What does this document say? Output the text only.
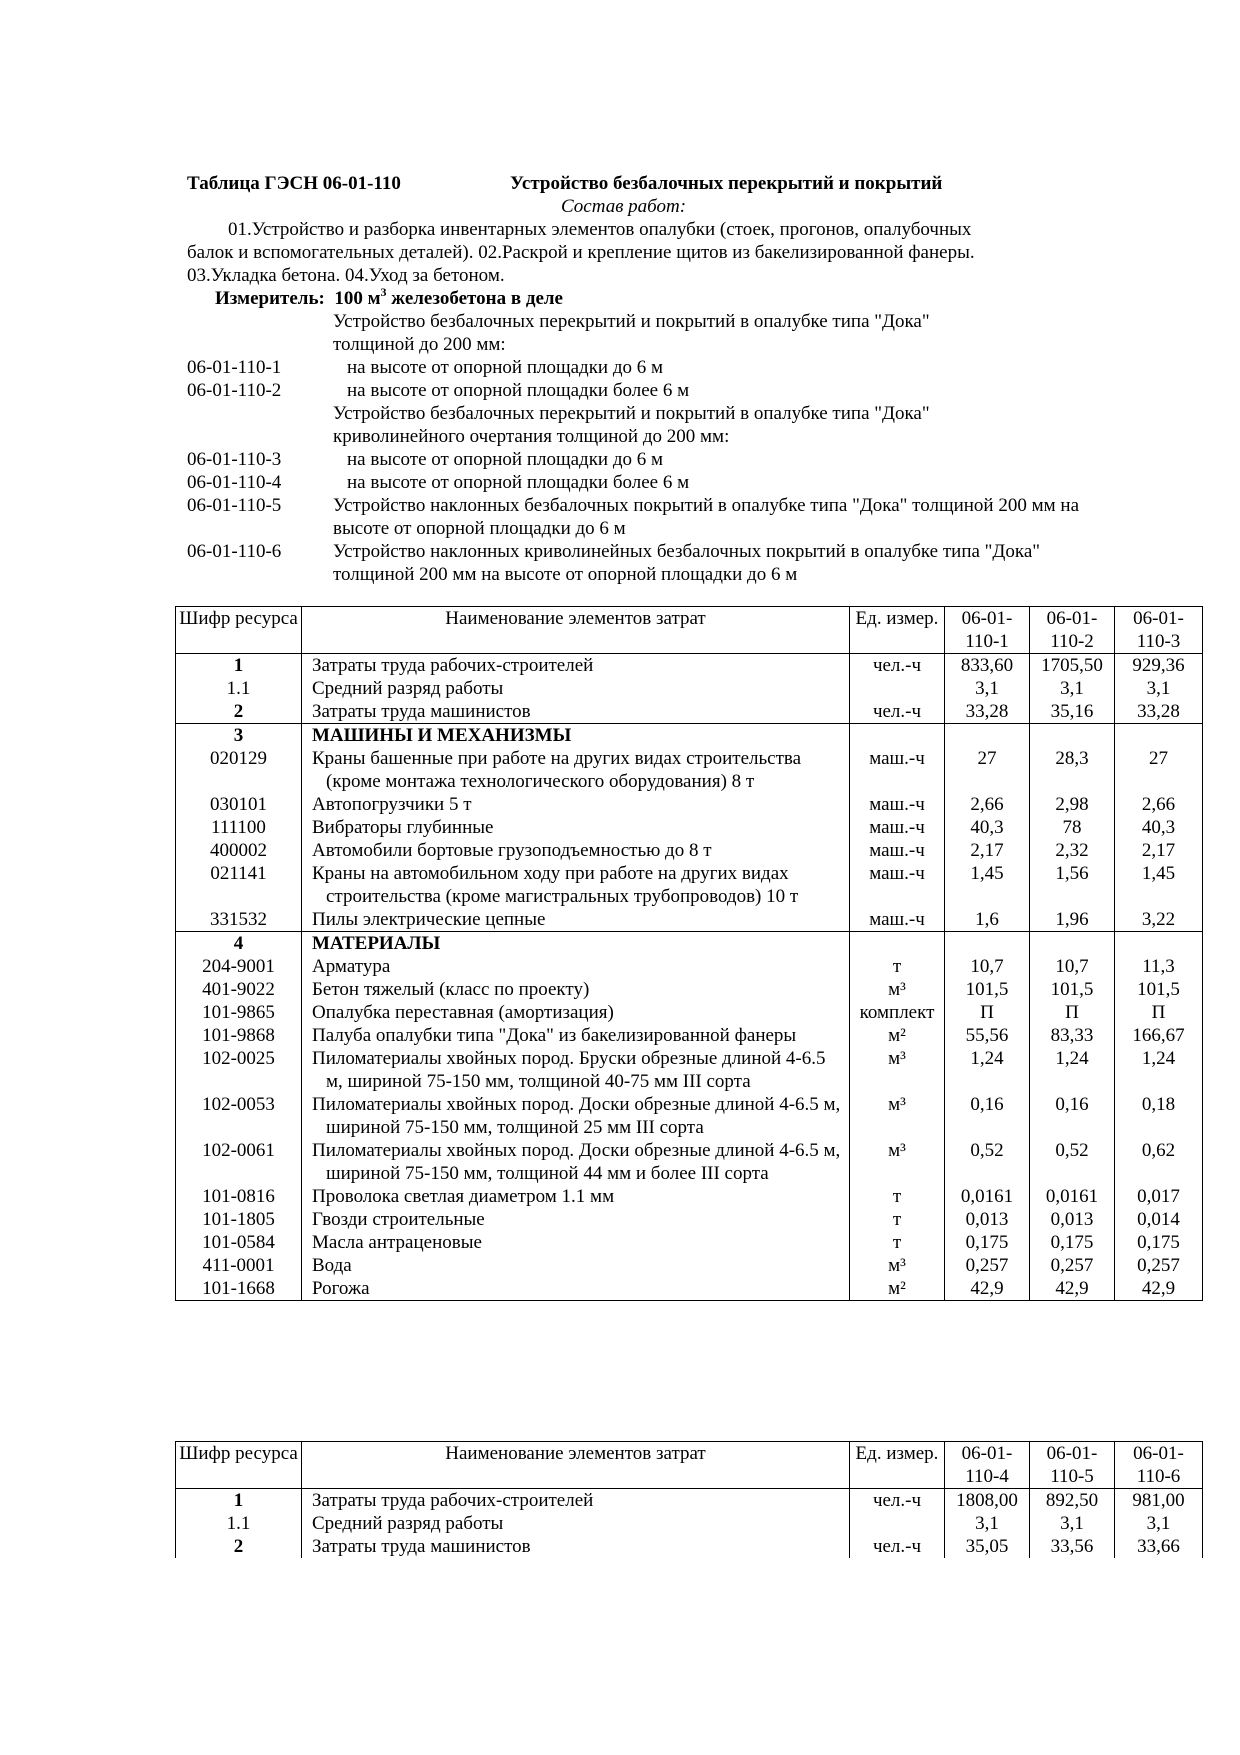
Таблица ГЭСН 06-01-110	Устройство безбалочных перекрытий и покрытий
Состав работ:
01.Устройство и разборка инвентарных элементов опалубки (стоек, прогонов, опалубочных
балок и вспомогательных деталей). 02.Раскрой и крепление щитов из бакелизированной фанеры.
03.Укладка бетона. 04.Уход за бетоном.
Измеритель: 100 $м^3$ железобетона в деле
Устройство безбалочных перекрытий и покрытий в опалубке типа "Дока"
толщиной до 200 мм:
06-01-110-1	на высоте от опорной площадки до 6 м
06-01-110-2	на высоте от опорной площадки более 6 м
Устройство безбалочных перекрытий и покрытий в опалубке типа "Дока"
криволинейного очертания толщиной до 200 мм:
06-01-110-3	на высоте от опорной площадки до 6 м
06-01-110-4	на высоте от опорной площадки более 6 м
06-01-110-5	Устройство наклонных безбалочных покрытий в опалубке типа "Дока" толщиной 200 мм на
высоте от опорной площадки до 6 м
06-01-110-6	Устройство наклонных криволинейных безбалочных покрытий в опалубке типа "Дока"
толщиной 200 мм на высоте от опорной площадки до 6 м
Шифр ресурса	Наименование элементов затрат	Ед. измер.	06-01-110-1	06-01-110-2	06-01-110-3
1	Затраты труда рабочих-строителей	чел.-ч	833,60	1705,50	929,36
1.1	Средний разряд работы		3,1	3,1	3,1
2	Затраты труда машинистов	чел.-ч	33,28	35,16	33,28
3	МАШИНЫ И МЕХАНИЗМЫ				

020129	Краны башенные при работе на других видах строительства (кроме монтажа технологического оборудования) 8 т	маш.-ч	27	28,3	27
030101	Автопогрузчики 5 т	маш.-ч	2,66	2,98	2,66
111100	Вибраторы глубинные	маш.-ч	40,3	78	40,3
400002	Автомобили бортовые грузоподъемностью до 8 т	маш.-ч	2,17	2,32	2,17
021141	Краны на автомобильном ходу при работе на других видах строительства (кроме магистральных трубопроводов) 10 т	маш.-ч	1,45	1,56	1,45
331532	Пилы электрические цепные	маш.-ч	1,6	1,96	3,22
4	МАТЕРИАЛЫ				

204-9001	Арматура	т	10,7	10,7	11,3
401-9022	Бетон тяжелый (класс по проекту)	м³	101,5	101,5	101,5
101-9865	Опалубка переставная (амортизация)	комплект	П	П	П
101-9868	Палуба опалубки типа "Дока" из бакелизированной фанеры	м²	55,56	83,33	166,67
102-0025	Пиломатериалы хвойных пород. Бруски обрезные длиной 4-6.5 м, шириной 75-150 мм, толщиной 40-75 мм III сорта	м³	1,24	1,24	1,24
102-0053	Пиломатериалы хвойных пород. Доски обрезные длиной 4-6.5 м, шириной 75-150 мм, толщиной 25 мм III сорта	м³	0,16	0,16	0,18
102-0061	Пиломатериалы хвойных пород. Доски обрезные длиной 4-6.5 м, шириной 75-150 мм, толщиной 44 мм и более III сорта	м³	0,52	0,52	0,62
101-0816	Проволока светлая диаметром 1.1 мм	т	0,0161	0,0161	0,017
101-1805	Гвозди строительные	т	0,013	0,013	0,014
101-0584	Масла антраценовые	т	0,175	0,175	0,175
411-0001	Вода	м³	0,257	0,257	0,257
101-1668	Рогожа	м²	42,9	42,9	42,9
Шифр ресурса	Наименование элементов затрат	Ед. измер.	06-01-110-4	06-01-110-5	06-01-110-6
1	Затраты труда рабочих-строителей	чел.-ч	1808,00	892,50	981,00
1.1	Средний разряд работы		3,1	3,1	3,1
2	Затраты труда машинистов	чел.-ч	35,05	33,56	33,66
